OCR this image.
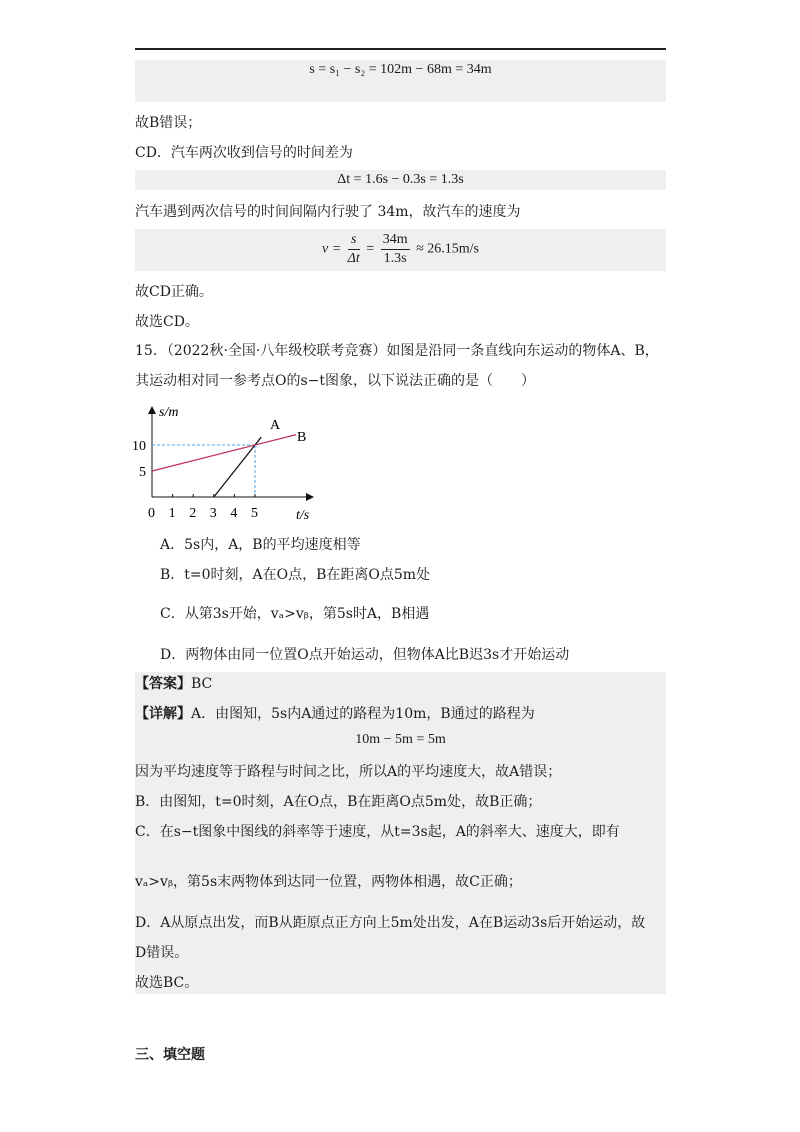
s = s₁ − s₂ = 102m − 68m = 34m
故B错误；
CD．汽车两次收到信号的时间差为
Δt = 1.6s − 0.3s = 1.3s
汽车遇到两次信号的时间间隔内行驶了 34m，故汽车的速度为
$v = \frac{s}{\Delta t} = \frac{34m}{1.3s} \approx 26.15m/s$
故CD正确。
故选CD。
15．（2022秋·全国·八年级校联考竞赛）如图是沿同一条直线向东运动的物体A、B，
其运动相对同一参考点O的s−t图象，以下说法正确的是（　　）
0 1 2 3 4 5
10
5
s/m
t/s
A
B
A．5s内，A，B的平均速度相等
B．t=0时刻，A在O点，B在距离O点5m处
C．从第3s开始，vₐ>vᵦ，第5s时A，B相遇
D．两物体由同一位置O点开始运动，但物体A比B迟3s才开始运动
【答案】BC
【详解】A．由图知，5s内A通过的路程为10m，B通过的路程为
10m − 5m = 5m
因为平均速度等于路程与时间之比，所以A的平均速度大，故A错误；
B．由图知，t=0时刻，A在O点，B在距离O点5m处，故B正确；
C．在s−t图象中图线的斜率等于速度，从t=3s起，A的斜率大、速度大，即有
vₐ>vᵦ，第5s末两物体到达同一位置，两物体相遇，故C正确；
D．A从原点出发，而B从距原点正方向上5m处出发，A在B运动3s后开始运动，故
D错误。
故选BC。
三、填空题
